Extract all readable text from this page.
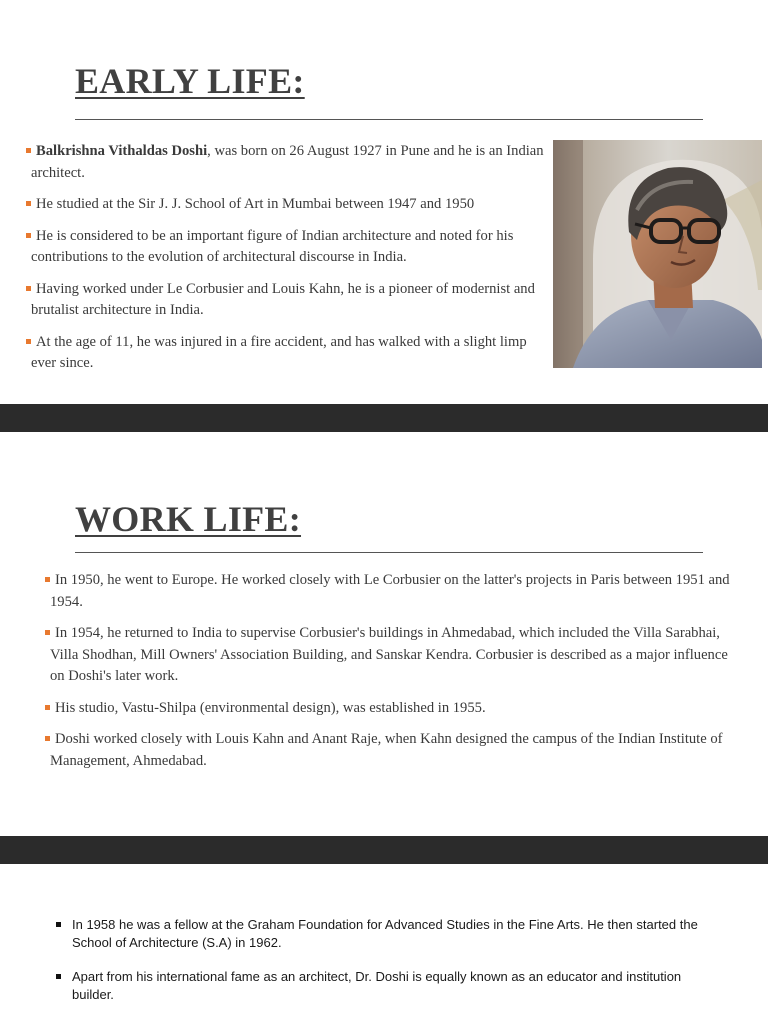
EARLY LIFE:
Balkrishna Vithaldas Doshi, was born on 26 August 1927 in Pune and he is an Indian architect.
He studied at the Sir J. J. School of Art in Mumbai between 1947 and 1950
He is considered to be an important figure of Indian architecture and noted for his contributions to the evolution of architectural discourse in India.
Having worked under Le Corbusier and Louis Kahn, he is a pioneer of modernist and brutalist architecture in India.
At the age of 11, he was injured in a fire accident, and has walked with a slight limp ever since.
WORK LIFE:
In 1950, he went to Europe. He worked closely with Le Corbusier on the latter's projects in Paris between 1951 and 1954.
In 1954, he returned to India to supervise Corbusier's buildings in Ahmedabad, which included the Villa Sarabhai, Villa Shodhan, Mill Owners' Association Building, and Sanskar Kendra. Corbusier is described as a major influence on Doshi's later work.
His studio, Vastu-Shilpa (environmental design), was established in 1955.
Doshi worked closely with Louis Kahn and Anant Raje, when Kahn designed the campus of the Indian Institute of Management, Ahmedabad.
In 1958 he was a fellow at the Graham Foundation for Advanced Studies in the Fine Arts. He then started the School of Architecture (S.A) in 1962.
Apart from his international fame as an architect, Dr. Doshi is equally known as an educator and institution builder.
